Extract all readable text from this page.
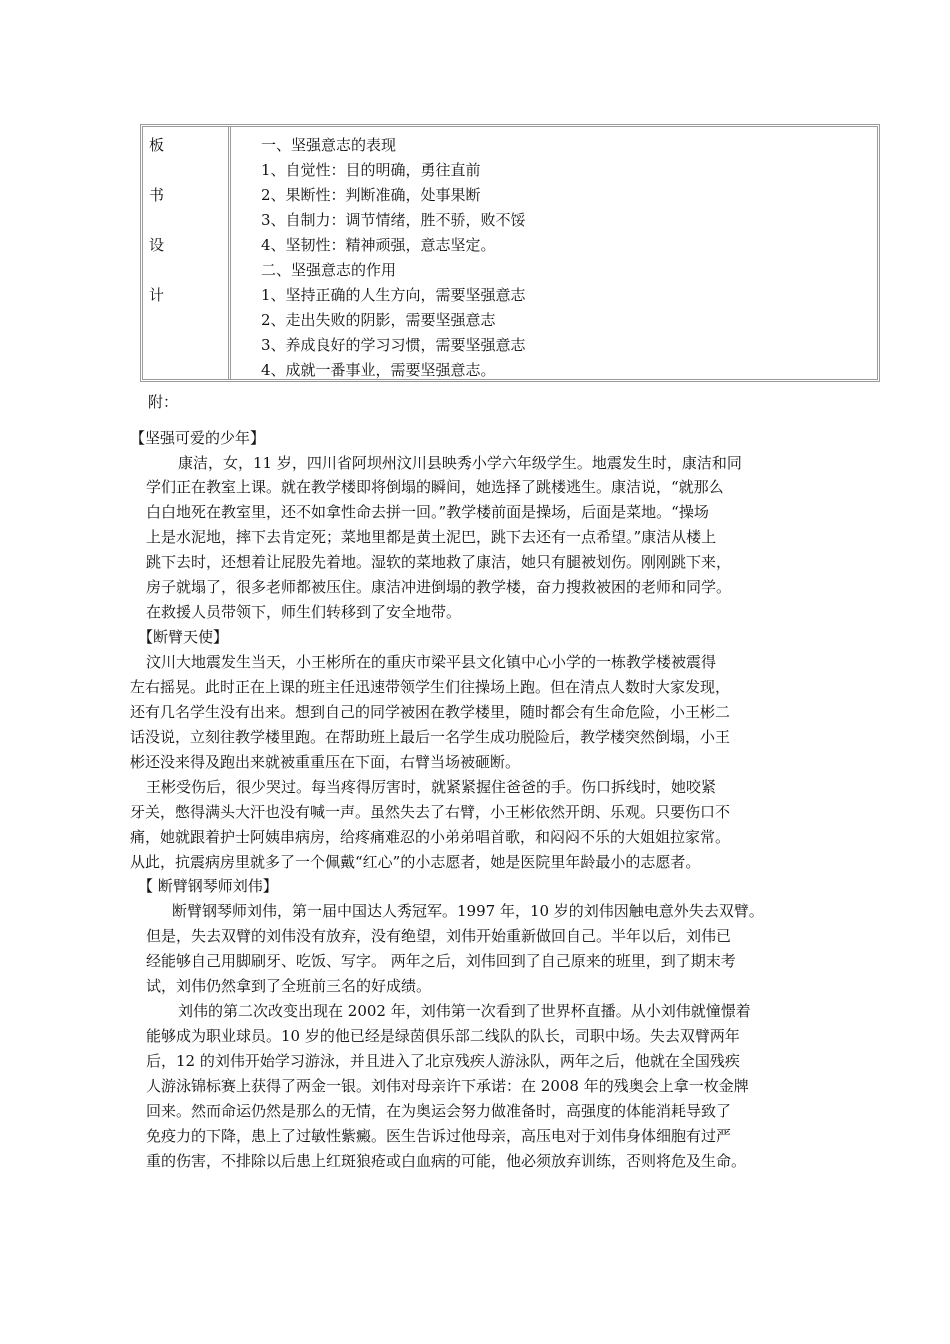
板
书
设
计
一、坚强意志的表现
1、自觉性：目的明确，勇往直前
2、果断性：判断准确，处事果断
3、自制力：调节情绪，胜不骄，败不馁
4、坚韧性：精神顽强，意志坚定。
二、坚强意志的作用
1、坚持正确的人生方向，需要坚强意志
2、走出失败的阴影，需要坚强意志
3、养成良好的学习习惯，需要坚强意志
4、成就一番事业，需要坚强意志。
附：
【坚强可爱的少年】
康洁，女，11 岁，四川省阿坝州汶川县映秀小学六年级学生。地震发生时，康洁和同
学们正在教室上课。就在教学楼即将倒塌的瞬间，她选择了跳楼逃生。康洁说，“就那么
白白地死在教室里，还不如拿性命去拼一回。”教学楼前面是操场，后面是菜地。“操场
上是水泥地，摔下去肯定死；菜地里都是黄土泥巴，跳下去还有一点希望。”康洁从楼上
跳下去时，还想着让屁股先着地。湿软的菜地救了康洁，她只有腿被划伤。刚刚跳下来，
房子就塌了，很多老师都被压住。康洁冲进倒塌的教学楼，奋力搜救被困的老师和同学。
在救援人员带领下，师生们转移到了安全地带。
【断臂天使】
汶川大地震发生当天，小王彬所在的重庆市梁平县文化镇中心小学的一栋教学楼被震得
左右摇晃。此时正在上课的班主任迅速带领学生们往操场上跑。但在清点人数时大家发现，
还有几名学生没有出来。想到自己的同学被困在教学楼里，随时都会有生命危险，小王彬二
话没说，立刻往教学楼里跑。在帮助班上最后一名学生成功脱险后，教学楼突然倒塌，小王
彬还没来得及跑出来就被重重压在下面，右臂当场被砸断。
王彬受伤后，很少哭过。每当疼得厉害时，就紧紧握住爸爸的手。伤口拆线时，她咬紧
牙关，憋得满头大汗也没有喊一声。虽然失去了右臂，小王彬依然开朗、乐观。只要伤口不
痛，她就跟着护士阿姨串病房，给疼痛难忍的小弟弟唱首歌，和闷闷不乐的大姐姐拉家常。
从此，抗震病房里就多了一个佩戴“红心”的小志愿者，她是医院里年龄最小的志愿者。
【 断臂钢琴师刘伟】
断臂钢琴师刘伟，第一届中国达人秀冠军。1997 年，10 岁的刘伟因触电意外失去双臂。
但是，失去双臂的刘伟没有放弃，没有绝望，刘伟开始重新做回自己。半年以后，刘伟已
经能够自己用脚刷牙、吃饭、写字。 两年之后，刘伟回到了自己原来的班里，到了期末考
试，刘伟仍然拿到了全班前三名的好成绩。
刘伟的第二次改变出现在 2002 年，刘伟第一次看到了世界杯直播。从小刘伟就憧憬着
能够成为职业球员。10 岁的他已经是绿茵俱乐部二线队的队长，司职中场。失去双臂两年
后，12 的刘伟开始学习游泳，并且进入了北京残疾人游泳队，两年之后，他就在全国残疾
人游泳锦标赛上获得了两金一银。刘伟对母亲许下承诺：在 2008 年的残奥会上拿一枚金牌
回来。然而命运仍然是那么的无情，在为奥运会努力做准备时，高强度的体能消耗导致了
免疫力的下降，患上了过敏性紫癜。医生告诉过他母亲，高压电对于刘伟身体细胞有过严
重的伤害，不排除以后患上红斑狼疮或白血病的可能，他必须放弃训练，否则将危及生命。
